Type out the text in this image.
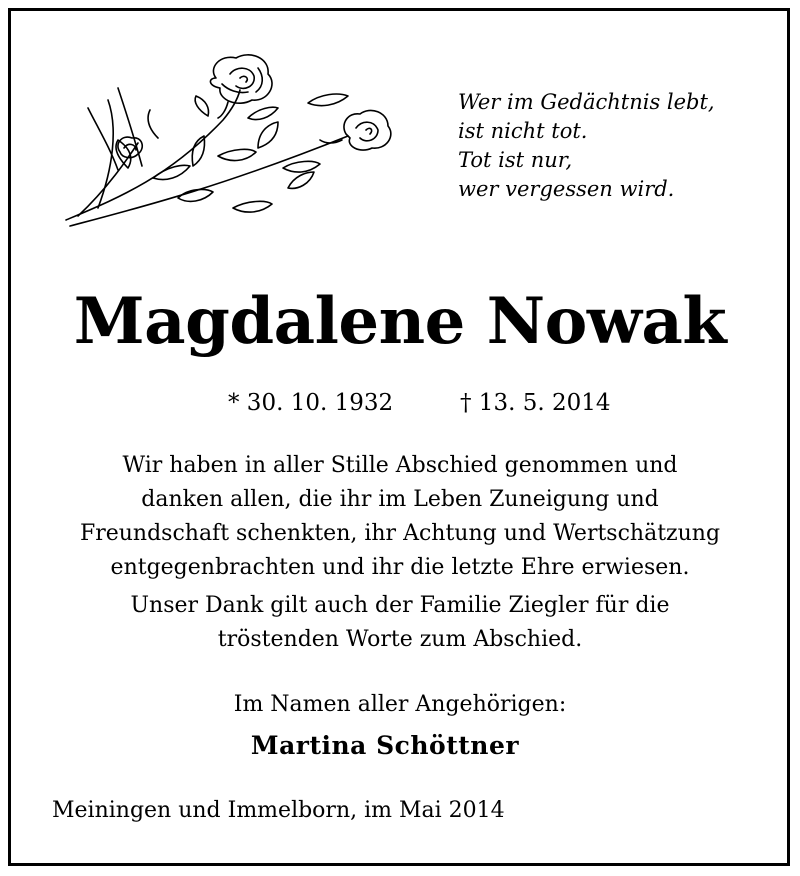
Wer im Gedächtnis lebt,
ist nicht tot.
Tot ist nur,
wer vergessen wird.
Magdalene Nowak
* 30. 10. 1932	† 13. 5. 2014
Wir haben in aller Stille Abschied genommen und
danken allen, die ihr im Leben Zuneigung und
Freundschaft schenkten, ihr Achtung und Wertschätzung
entgegenbrachten und ihr die letzte Ehre erwiesen.
Unser Dank gilt auch der Familie Ziegler für die
tröstenden Worte zum Abschied.
Im Namen aller Angehörigen:
Martina Schöttner
Meiningen und Immelborn, im Mai 2014
